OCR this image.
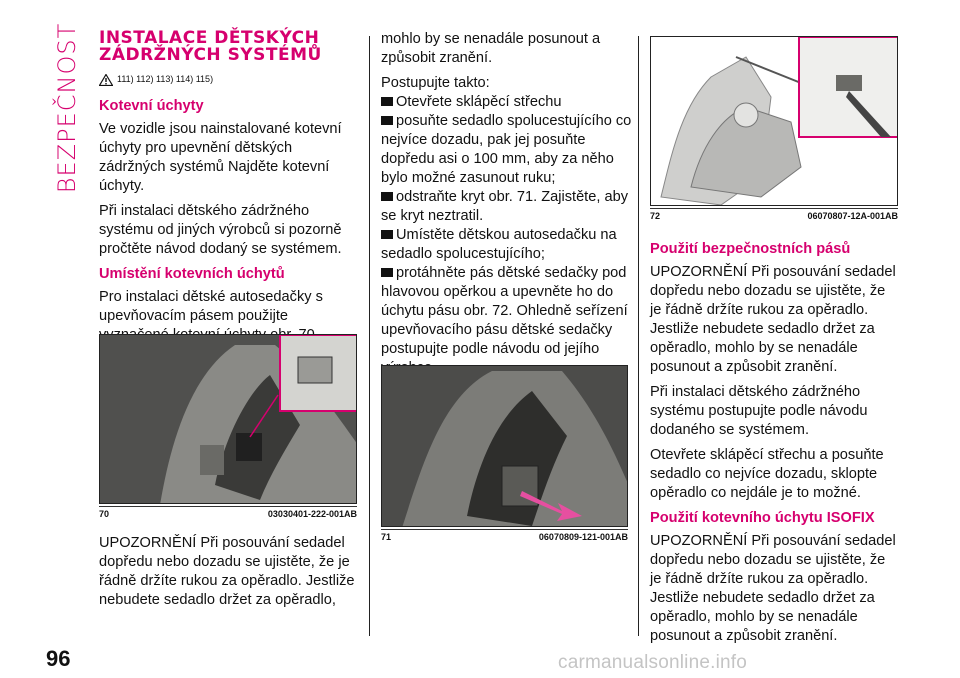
BEZPEČNOST INSTALACE DĚTSKÝCH
ZÁDRŽNÝCH SYSTÉMŮ
111) 112) 113) 114) 115)
Kotevní úchyty

Ve vozidle jsou nainstalované kotevní úchyty pro upevnění dětských zádržných systémů Najděte kotevní úchyty.

Při instalaci dětského zádržného systému od jiných výrobců si pozorně pročtěte návod dodaný se systémem.

Umístění kotevních úchytů

Pro instalaci dětské autosedačky s upevňovacím pásem použijte

70	03030401-222-001AB

UPOZORNĚNÍ Při posouvání sedadel dopředu nebo dozadu se ujistěte, že je řádně držíte rukou za opěradlo. Jestliže nebudete sedadlo držet za opěradlo,

mohlo by se nenadále posunout a způsobit zranění.

Postupujte takto:

Otevřete sklápěcí střechu
posuňte sedadlo spolucestujícího co nejvíce dozadu, pak jej posuňte dopředu asi o 100 mm, aby za něho bylo možné zasunout ruku;
odstraňte kryt obr. 71. Zajistěte, aby se kryt neztratil.
Umístěte dětskou autosedačku na sedadlo spolucestujícího;
protáhněte pás dětské sedačky pod hlavovou opěrkou a upevněte ho do úchytu pásu obr. 72. Ohledně seřízení upevňovacího pásu dětské sedačky postupujte podle návodu od jejího
71	06070809-121-001AB
72	06070807-12A-001AB
Použití bezpečnostních pásů

UPOZORNĚNÍ Při posouvání sedadel dopředu nebo dozadu se ujistěte, že je řádně držíte rukou za opěradlo. Jestliže nebudete sedadlo držet za opěradlo, mohlo by se nenadále posunout a způsobit zranění.

Při instalaci dětského zádržného systému postupujte podle návodu dodaného se systémem.

Otevřete sklápěcí střechu a posuňte sedadlo co nejvíce dozadu, sklopte opěradlo co nejdále je to možné.

Použití kotevního úchytu ISOFIX

UPOZORNĚNÍ Při posouvání sedadel dopředu nebo dozadu se ujistěte, že je řádně držíte rukou za opěradlo. Jestliže nebudete sedadlo držet za opěradlo, mohlo by se nenadále posunout a způsobit zranění.

96	carmanualsonline.info
